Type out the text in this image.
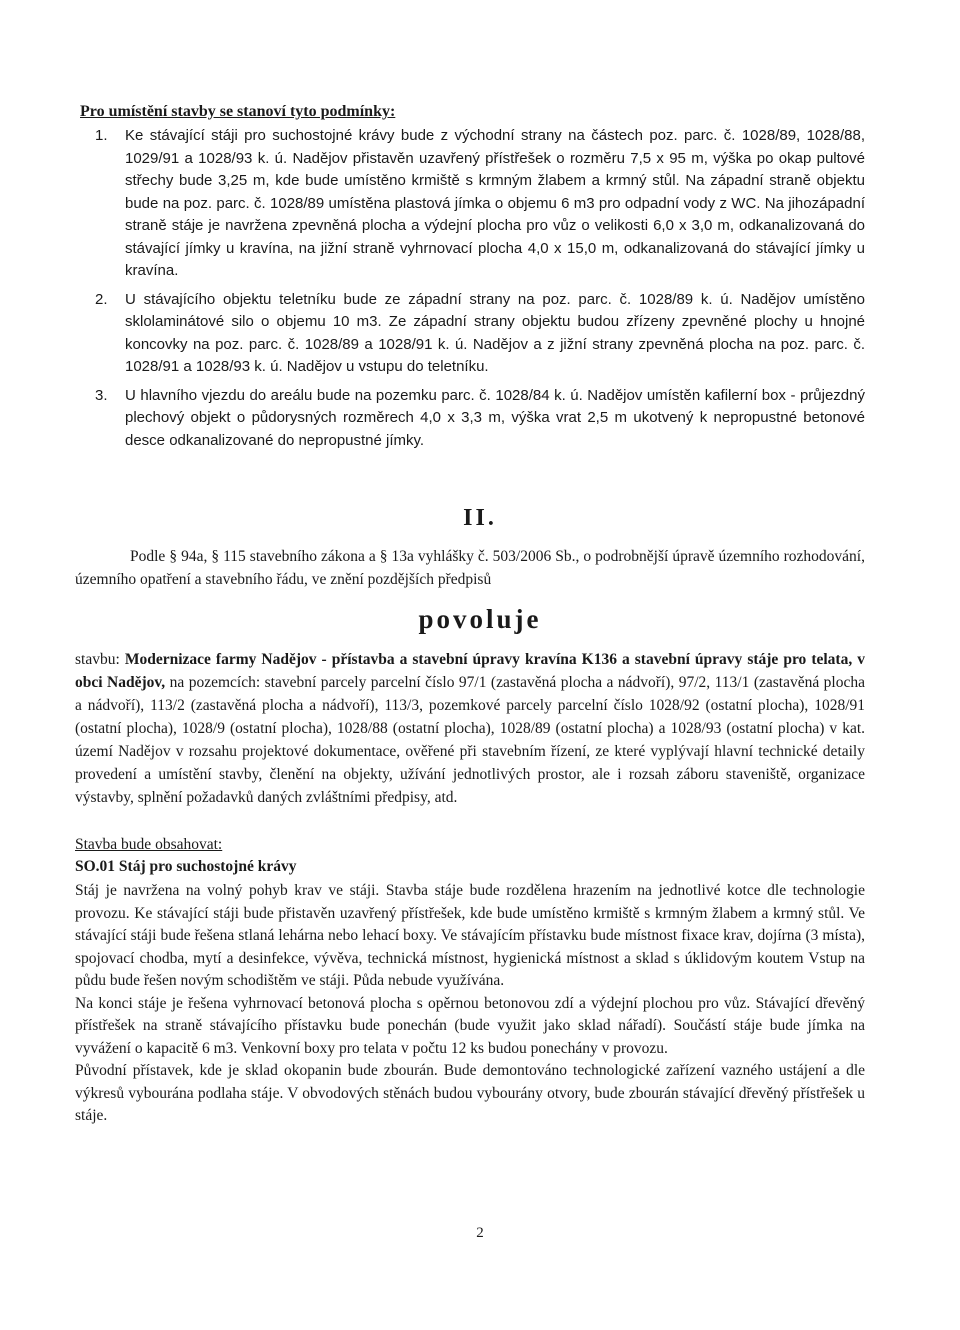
Pro umístění stavby se stanoví tyto podmínky:
1.	Ke stávající stáji pro suchostojné krávy bude z východní strany na částech poz. parc. č. 1028/89, 1028/88, 1029/91 a 1028/93 k. ú. Nadějov přistavěn uzavřený přístřešek o rozměru 7,5 x 95 m, výška po okap pultové střechy bude 3,25 m, kde bude umístěno krmiště s krmným žlabem a krmný stůl. Na západní straně objektu bude na poz. parc. č. 1028/89 umístěna plastová jímka o objemu 6 m3 pro odpadní vody z WC. Na jihozápadní straně stáje je navržena zpevněná plocha a výdejní plocha pro vůz o velikosti 6,0 x 3,0 m, odkanalizovaná do stávající jímky u kravína, na jižní straně vyhrnovací plocha 4,0 x 15,0 m, odkanalizovaná do stávající jímky u kravína.
2.	U stávajícího objektu teletníku bude ze západní strany na poz. parc. č. 1028/89 k. ú. Nadějov umístěno sklolaminátové silo o objemu 10 m3. Ze západní strany objektu budou zřízeny zpevněné plochy u hnojné koncovky na poz. parc. č. 1028/89 a 1028/91 k. ú. Nadějov a z jižní strany zpevněná plocha na poz. parc. č. 1028/91 a 1028/93 k. ú. Nadějov u vstupu do teletníku.
3.	U hlavního vjezdu do areálu bude na pozemku parc. č. 1028/84 k. ú. Nadějov umístěn kafilerní box - průjezdný plechový objekt o půdorysných rozměrech 4,0 x 3,3 m, výška vrat 2,5 m ukotvený k nepropustné betonové desce odkanalizované do nepropustné jímky.
II.
Podle § 94a, § 115 stavebního zákona a § 13a vyhlášky č. 503/2006 Sb., o podrobnější úpravě územního rozhodování, územního opatření a stavebního řádu, ve znění pozdějších předpisů
povoluje
stavbu: Modernizace farmy Nadějov - přístavba a stavební úpravy kravína K136 a stavební úpravy stáje pro telata, v obci Nadějov, na pozemcích: stavební parcely parcelní číslo 97/1 (zastavěná plocha a nádvoří), 97/2, 113/1 (zastavěná plocha a nádvoří), 113/2 (zastavěná plocha a nádvoří), 113/3, pozemkové parcely parcelní číslo 1028/92 (ostatní plocha), 1028/91 (ostatní plocha), 1028/9 (ostatní plocha), 1028/88 (ostatní plocha), 1028/89 (ostatní plocha) a 1028/93 (ostatní plocha) v kat. území Nadějov v rozsahu projektové dokumentace, ověřené při stavebním řízení, ze které vyplývají hlavní technické detaily provedení a umístění stavby, členění na objekty, užívání jednotlivých prostor, ale i rozsah záboru staveniště, organizace výstavby, splnění požadavků daných zvláštními předpisy, atd.
Stavba bude obsahovat:
SO.01 Stáj pro suchostojné krávy

Stáj je navržena na volný pohyb krav ve stáji. Stavba stáje bude rozdělena hrazením na jednotlivé kotce dle technologie provozu. Ke stávající stáji bude přistavěn uzavřený přístřešek, kde bude umístěno krmiště s krmným žlabem a krmný stůl. Ve stávající stáji bude řešena stlaná lehárna nebo lehací boxy. Ve stávajícím přístavku bude místnost fixace krav, dojírna (3 místa), spojovací chodba, mytí a desinfekce, vývěva, technická místnost, hygienická místnost a sklad s úklidovým koutem Vstup na půdu bude řešen novým schodištěm ve stáji. Půda nebude využívána.

Na konci stáje je řešena vyhrnovací betonová plocha s opěrnou betonovou zdí a výdejní plochou pro vůz. Stávající dřevěný přístřešek na straně stávajícího přístavku bude ponechán (bude využit jako sklad nářadí). Součástí stáje bude jímka na vyvážení o kapacitě 6 m3. Venkovní boxy pro telata v počtu 12 ks budou ponechány v provozu.

Původní přístavek, kde je sklad okopanin bude zbourán. Bude demontováno technologické zařízení vazného ustájení a dle výkresů vybourána podlaha stáje. V obvodových stěnách budou vybourány otvory, bude zbourán stávající dřevěný přístřešek u stáje.

2
